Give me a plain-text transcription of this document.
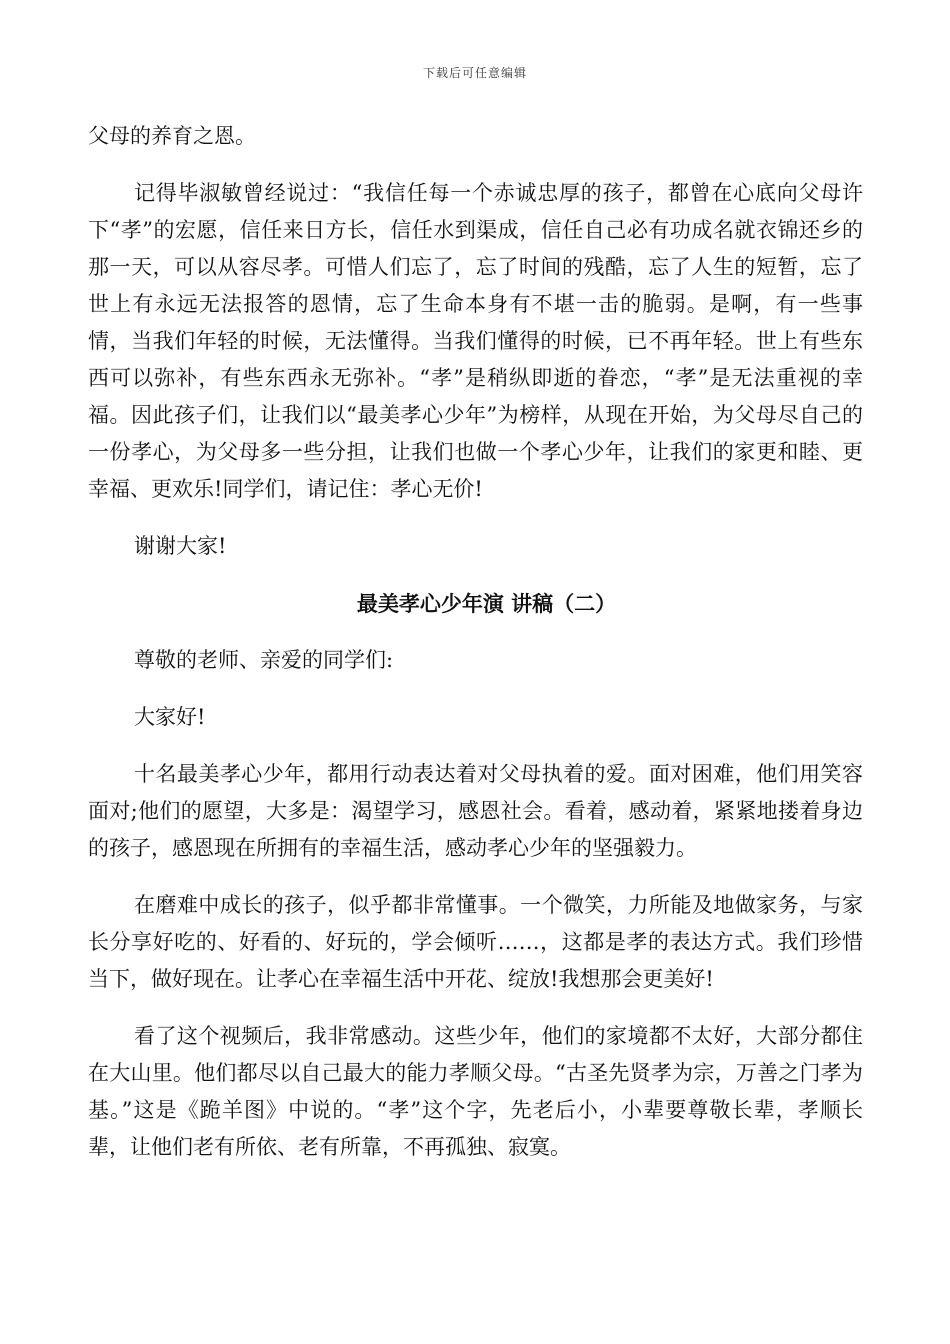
下载后可任意编辑

父母的养育之恩。

记得毕淑敏曾经说过：“我信任每一个赤诚忠厚的孩子，都曾在心底向父母许下“孝”的宏愿，信任来日方长，信任水到渠成，信任自己必有功成名就衣锦还乡的那一天，可以从容尽孝。可惜人们忘了，忘了时间的残酷，忘了人生的短暂，忘了世上有永远无法报答的恩情，忘了生命本身有不堪一击的脆弱。是啊，有一些事情，当我们年轻的时候，无法懂得。当我们懂得的时候，已不再年轻。世上有些东西可以弥补，有些东西永无弥补。“孝”是稍纵即逝的眷恋，“孝”是无法重视的幸福。因此孩子们，让我们以“最美孝心少年”为榜样，从现在开始，为父母尽自己的一份孝心，为父母多一些分担，让我们也做一个孝心少年，让我们的家更和睦、更幸福、更欢乐!同学们，请记住：孝心无价!

谢谢大家!

最美孝心少年演 讲稿（二）

尊敬的老师、亲爱的同学们:

大家好!

十名最美孝心少年，都用行动表达着对父母执着的爱。面对困难，他们用笑容面对;他们的愿望，大多是：渴望学习，感恩社会。看着，感动着，紧紧地搂着身边的孩子，感恩现在所拥有的幸福生活，感动孝心少年的坚强毅力。

在磨难中成长的孩子，似乎都非常懂事。一个微笑，力所能及地做家务，与家长分享好吃的、好看的、好玩的，学会倾听……，这都是孝的表达方式。我们珍惜当下，做好现在。让孝心在幸福生活中开花、绽放!我想那会更美好!

看了这个视频后，我非常感动。这些少年，他们的家境都不太好，大部分都住在大山里。他们都尽以自己最大的能力孝顺父母。“古圣先贤孝为宗，万善之门孝为基。”这是《跪羊图》中说的。“孝”这个字，先老后小，小辈要尊敬长辈，孝顺长辈，让他们老有所依、老有所靠，不再孤独、寂寞。
